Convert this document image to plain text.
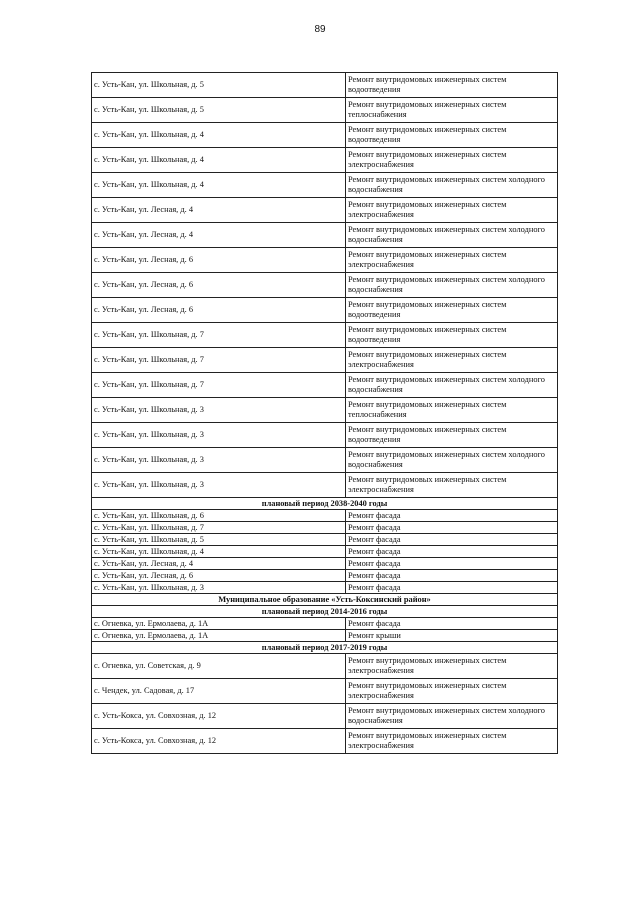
89
с. Усть-Кан, ул. Школьная, д. 5	Ремонт внутридомовых инженерных систем водоотведения
с. Усть-Кан, ул. Школьная, д. 5	Ремонт внутридомовых инженерных систем теплоснабжения
с. Усть-Кан, ул. Школьная, д. 4	Ремонт внутридомовых инженерных систем водоотведения
с. Усть-Кан, ул. Школьная, д. 4	Ремонт внутридомовых инженерных систем электроснабжения
с. Усть-Кан, ул. Школьная, д. 4	Ремонт внутридомовых инженерных систем холодного водоснабжения
с. Усть-Кан, ул. Лесная, д. 4	Ремонт внутридомовых инженерных систем электроснабжения
с. Усть-Кан, ул. Лесная, д. 4	Ремонт внутридомовых инженерных систем холодного водоснабжения
с. Усть-Кан, ул. Лесная, д. 6	Ремонт внутридомовых инженерных систем электроснабжения
с. Усть-Кан, ул. Лесная, д. 6	Ремонт внутридомовых инженерных систем холодного водоснабжения
с. Усть-Кан, ул. Лесная, д. 6	Ремонт внутридомовых инженерных систем водоотведения
с. Усть-Кан, ул. Школьная, д. 7	Ремонт внутридомовых инженерных систем водоотведения
с. Усть-Кан, ул. Школьная, д. 7	Ремонт внутридомовых инженерных систем электроснабжения
с. Усть-Кан, ул. Школьная, д. 7	Ремонт внутридомовых инженерных систем холодного водоснабжения
с. Усть-Кан, ул. Школьная, д. 3	Ремонт внутридомовых инженерных систем теплоснабжения
с. Усть-Кан, ул. Школьная, д. 3	Ремонт внутридомовых инженерных систем водоотведения
с. Усть-Кан, ул. Школьная, д. 3	Ремонт внутридомовых инженерных систем холодного водоснабжения
с. Усть-Кан, ул. Школьная, д. 3	Ремонт внутридомовых инженерных систем электроснабжения
плановый период 2038-2040 годы	
с. Усть-Кан, ул. Школьная, д. 6	Ремонт фасада
с. Усть-Кан, ул. Школьная, д. 7	Ремонт фасада
с. Усть-Кан, ул. Школьная, д. 5	Ремонт фасада
с. Усть-Кан, ул. Школьная, д. 4	Ремонт фасада
с. Усть-Кан, ул. Лесная, д. 4	Ремонт фасада
с. Усть-Кан, ул. Лесная, д. 6	Ремонт фасада
с. Усть-Кан, ул. Школьная, д. 3	Ремонт фасада
Муниципальное образование «Усть-Коксинский район»	
плановый период 2014-2016 годы	
с. Огневка, ул. Ермолаева, д. 1А	Ремонт фасада
с. Огневка, ул. Ермолаева, д. 1А	Ремонт крыши
плановый период 2017-2019 годы	
с. Огневка, ул. Советская, д. 9	Ремонт внутридомовых инженерных систем электроснабжения
с. Чендек, ул. Садовая, д. 17	Ремонт внутридомовых инженерных систем электроснабжения
с. Усть-Кокса, ул. Совхозная, д. 12	Ремонт внутридомовых инженерных систем холодного водоснабжения
с. Усть-Кокса, ул. Совхозная, д. 12	Ремонт внутридомовых инженерных систем электроснабжения
